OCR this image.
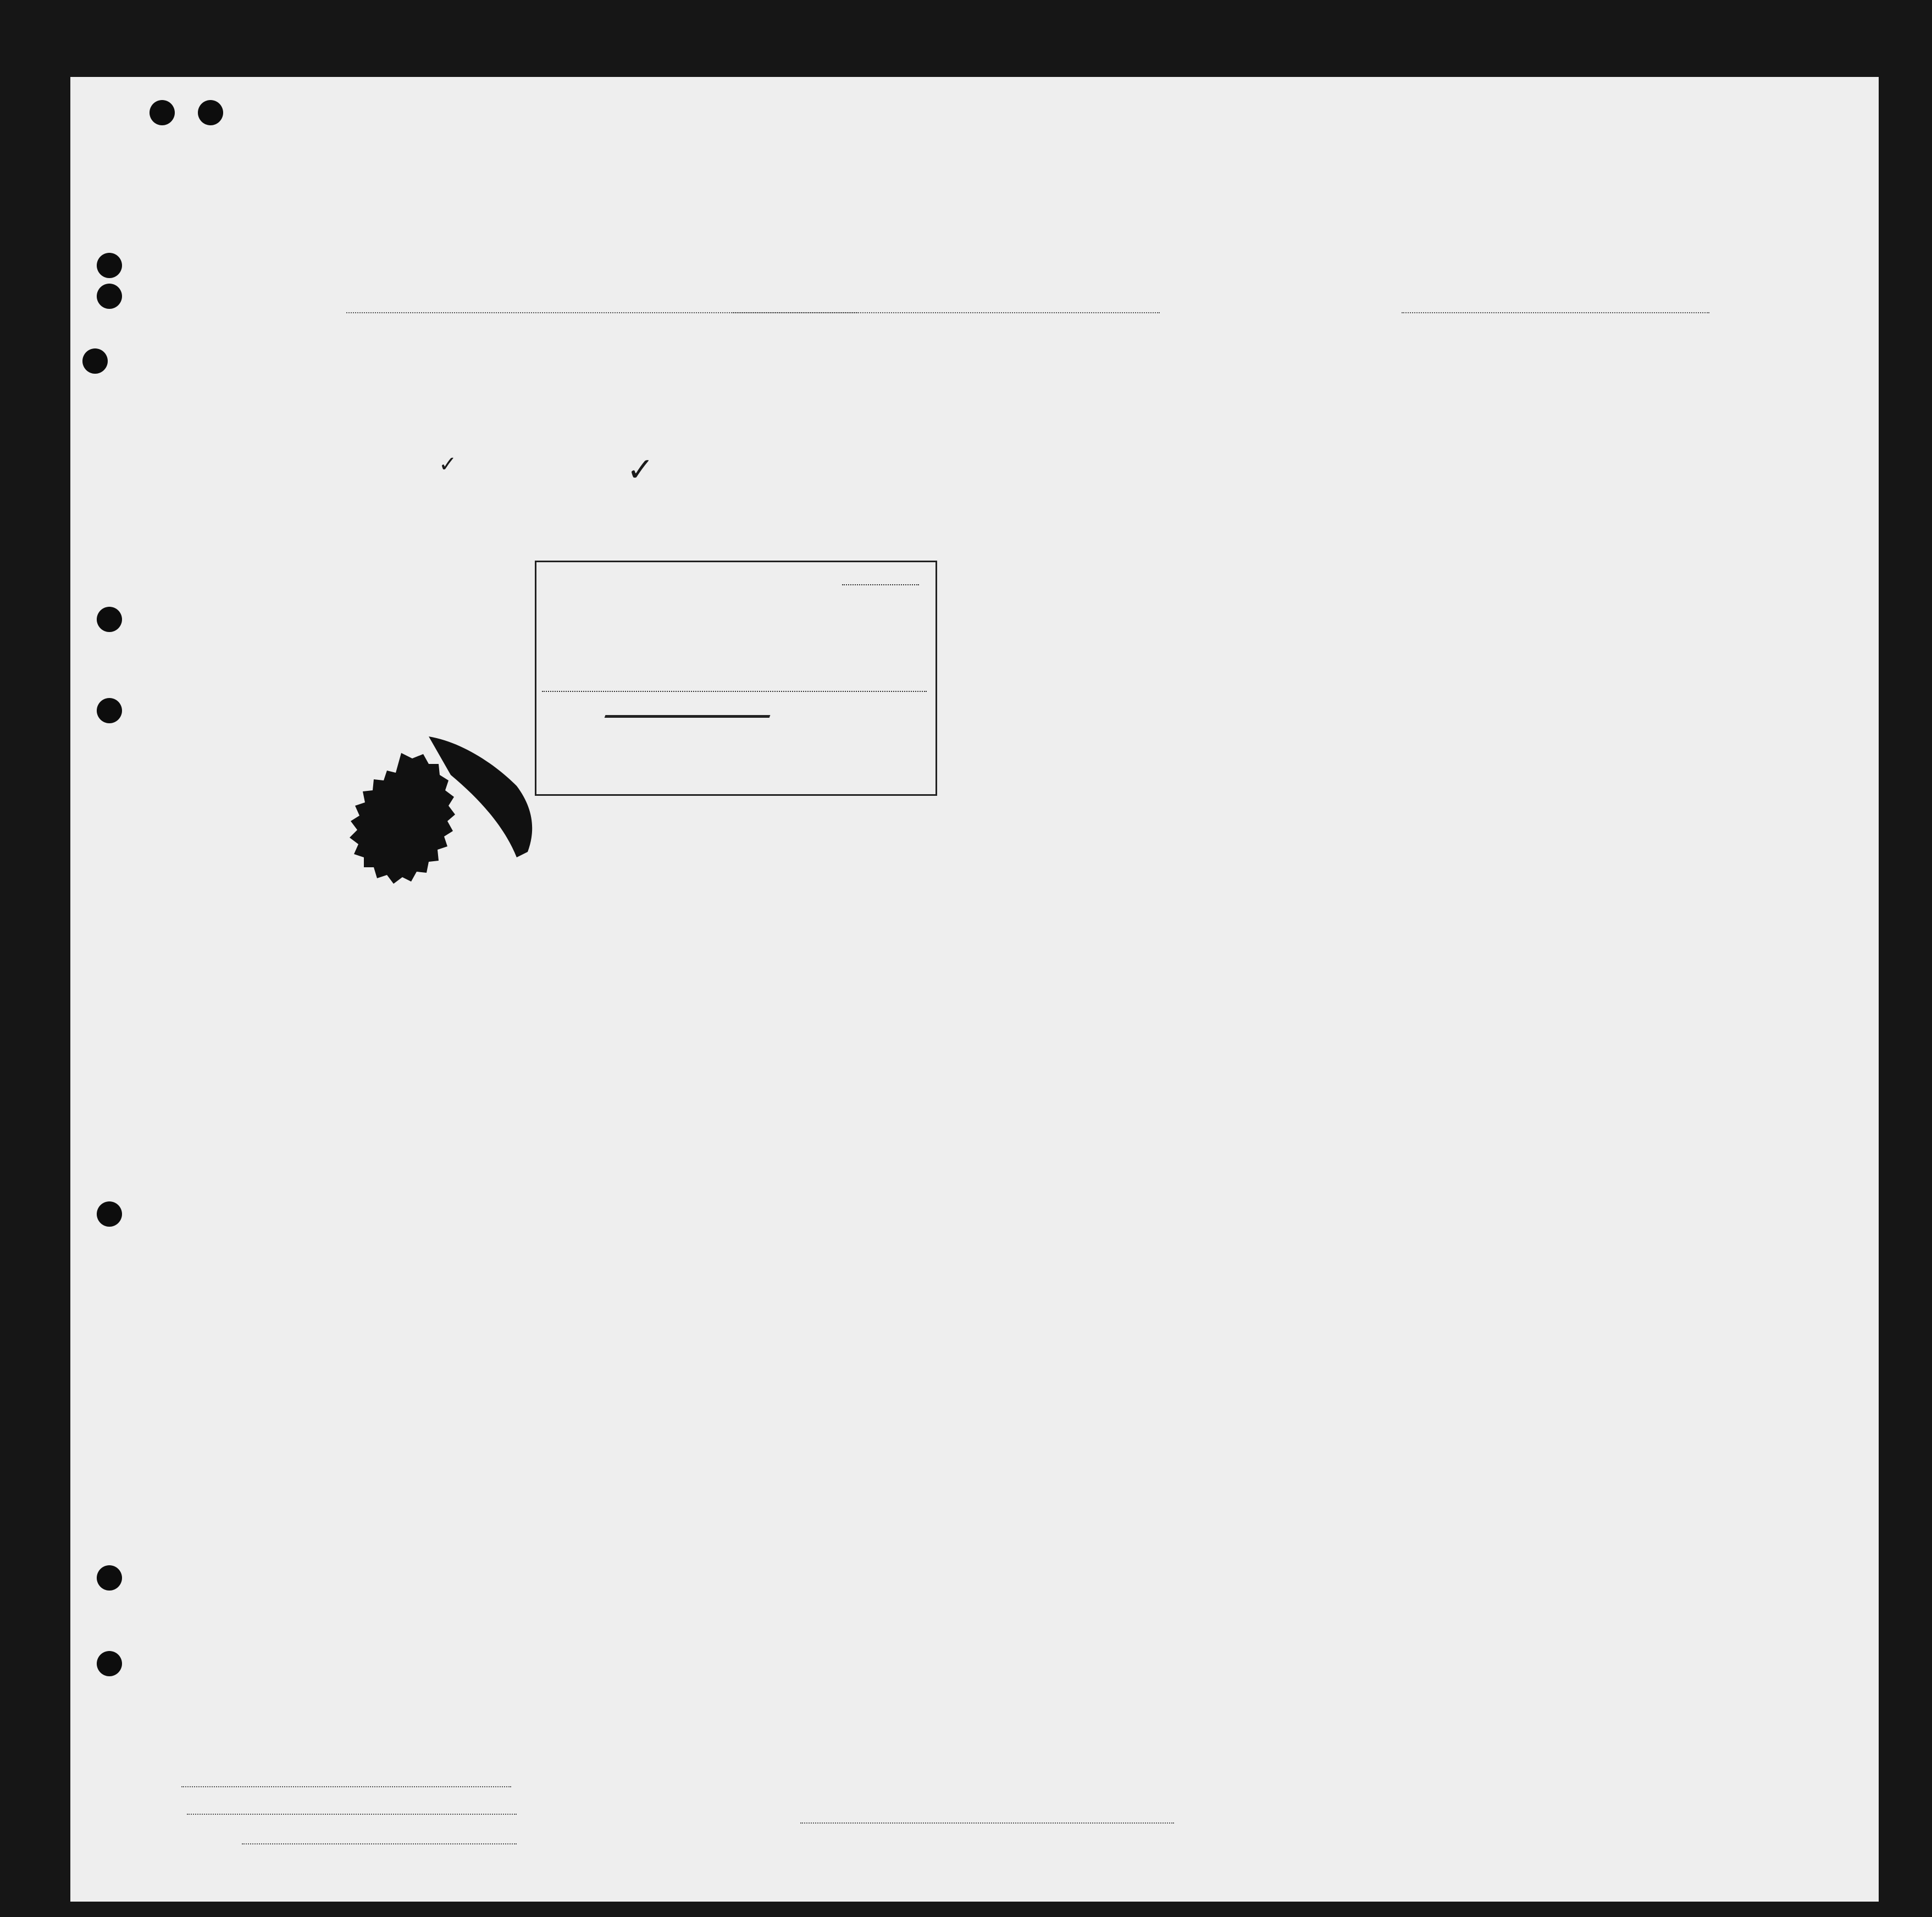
✓
✓
